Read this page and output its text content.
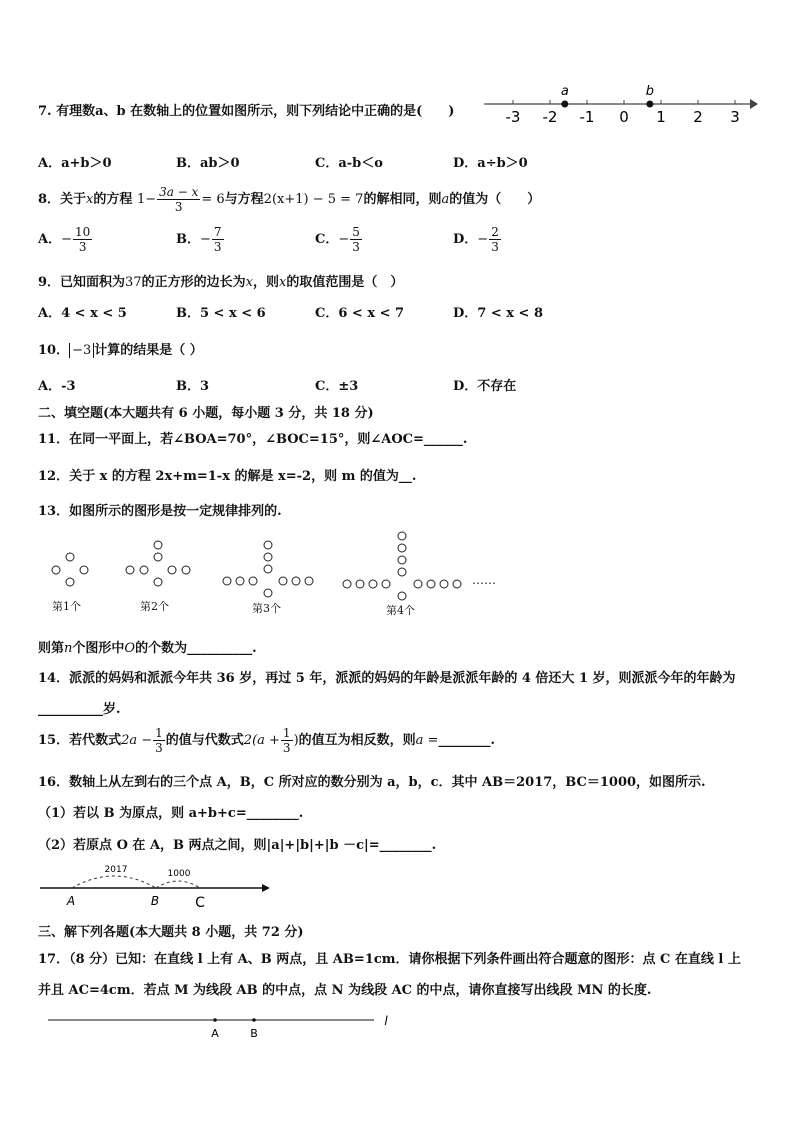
7. 有理数a、b 在数轴上的位置如图所示，则下列结论中正确的是(　　)	-3 -2 -1 0 1 2 3
a	b
A．a+b＞0	B．ab＞0	C．a-b＜o	D．a÷b＞0
8．关于x的方程 $1- \frac{3a - x}{3} = 6$与方程2(x+1) − 5 = 7的解相同，则a的值为（　　）
A．− $\frac{10}{3}$	B．− $\frac{7}{3}$	C．− $\frac{5}{3}$	D．− $\frac{2}{3}$
9．已知面积为37的正方形的边长为x，则x的取值范围是（　）
A．4 < x < 5	B．5 < x < 6	C．6 < x < 7	D．7 < x < 8
10． −3 计算的结果是（ ）
A．-3	B．3	C．±3	D．不存在
二、填空题(本大题共有 6 小题，每小题 3 分，共 18 分)
11．在同一平面上，若∠BOA=70°，∠BOC=15°，则∠AOC=______.
12．关于 x 的方程 2x+m=1-x 的解是 x=-2，则 m 的值为__.
13．如图所示的图形是按一定规律排列的.
第1个	第2个	第3个	第4个
……
则第n个图形中O的个数为__________.
14．派派的妈妈和派派今年共 36 岁，再过 5 年，派派的妈妈的年龄是派派年龄的 4 倍还大 1 岁，则派派今年的年龄为
__________岁.
15．若代数式$2a - \frac{1}{3}$ 的值与代数式$2(a + \frac{1}{3}$ )的值互为相反数，则a =________.
16．数轴上从左到右的三个点 A，B，C 所对应的数分别为 a，b，c．其中 AB＝2017，BC＝1000，如图所示.
（1）若以 B 为原点，则 a+b+c=________.
（2）若原点 O 在 A，B 两点之间，则|a|+|b|+|b －c|=________.
2017	1000
A	B	C
三、解下列各题(本大题共 8 小题，共 72 分)
17．（8 分）已知：在直线 l 上有 A、B 两点，且 AB=1cm．请你根据下列条件画出符合题意的图形：点 C 在直线 l 上
并且 AC=4cm．若点 M 为线段 AB 的中点，点 N 为线段 AC 的中点，请你直接写出线段 MN 的长度.
A	B
l
